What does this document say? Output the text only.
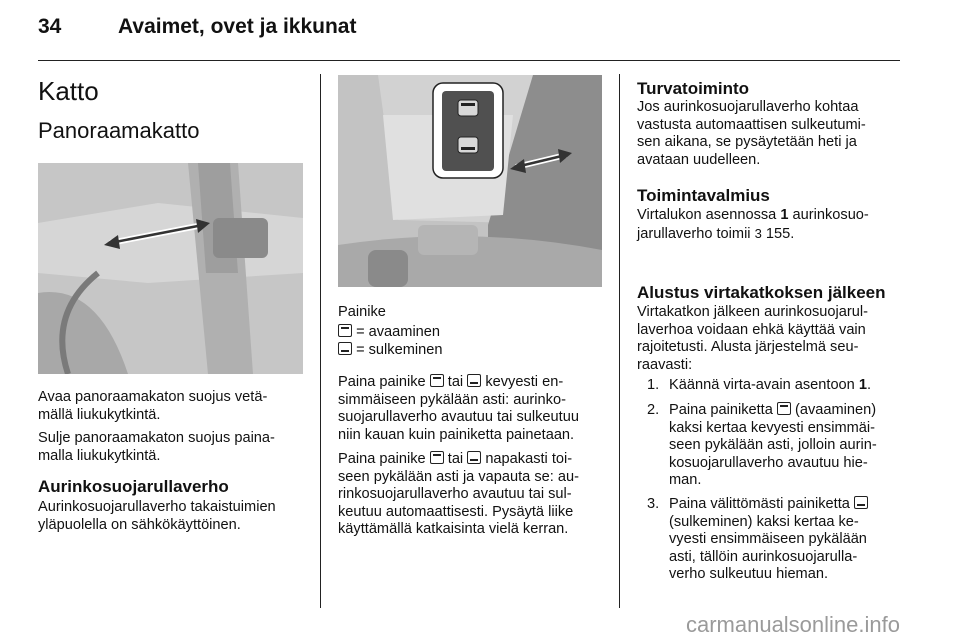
34	Avaimet, ovet ja ikkunat
Katto
Panoraamakatto

Avaa panoraamakaton suojus vetä-
mällä liukukytkintä.

Sulje panoraamakaton suojus paina-
malla liukukytkintä.

Aurinkosuojarullaverho

Aurinkosuojarullaverho takaistuimien
yläpuolella on sähkökäyttöinen.

Painike
= avaaminen
= sulkeminen

Paina painike tai kevyesti en-
simmäiseen pykälään asti: aurinko-
suojarullaverho avautuu tai sulkeutuu
niin kauan kuin painiketta painetaan.

Paina painike tai napakasti toi-
seen pykälään asti ja vapauta se: au-
rinkosuojarullaverho avautuu tai sul-
keutuu automaattisesti. Pysäytä liike
käyttämällä katkaisinta vielä kerran.

Turvatoiminto

Jos aurinkosuojarullaverho kohtaa
vastusta automaattisen sulkeutumi-
sen aikana, se pysäytetään heti ja
avataan uudelleen.

Toimintavalmius

Virtalukon asennossa 1 aurinkosuo-
jarullaverho toimii 3 155.

Alustus virtakatkoksen jälkeen

Virtakatkon jälkeen aurinkosuojarul-
laverhoa voidaan ehkä käyttää vain
rajoitetusti. Alusta järjestelmä seu-
raavasti:

1. Käännä virta-avain asentoon 1.
2. Paina painiketta (avaaminen)
kaksi kertaa kevyesti ensimmäi-
seen pykälään asti, jolloin aurin-
kosuojarullaverho avautuu hie-
man.
3. Paina välittömästi painiketta
(sulkeminen) kaksi kertaa ke-
vyesti ensimmäiseen pykälään
asti, tällöin aurinkosuojarulla-
verho sulkeutuu hieman.
carmanualsonline.info
